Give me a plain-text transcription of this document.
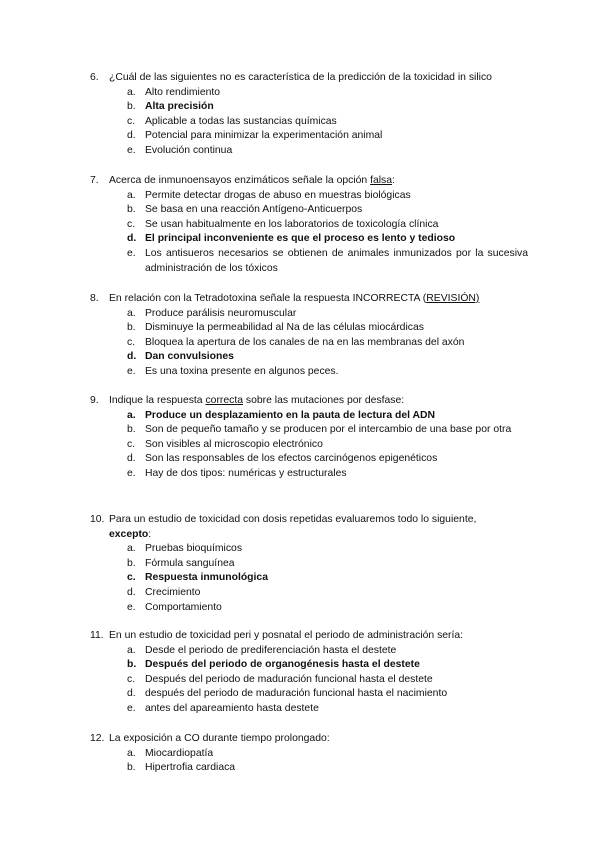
6. ¿Cuál de las siguientes no es característica de la predicción de la toxicidad in silico
a. Alto rendimiento
b. Alta precisión
c. Aplicable a todas las sustancias químicas
d. Potencial para minimizar la experimentación animal
e. Evolución continua
7. Acerca de inmunoensayos enzimáticos señale la opción falsa:
a. Permite detectar drogas de abuso en muestras biológicas
b. Se basa en una reacción Antígeno-Anticuerpos
c. Se usan habitualmente en los laboratorios de toxicología clínica
d. El principal inconveniente es que el proceso es lento y tedioso
e. Los antisueros necesarios se obtienen de animales inmunizados por la sucesiva administración de los tóxicos
8. En relación con la Tetradotoxina señale la respuesta INCORRECTA (REVISIÓN)
a. Produce parálisis neuromuscular
b. Disminuye la permeabilidad al Na de las células miocárdicas
c. Bloquea la apertura de los canales de na en las membranas del axón
d. Dan convulsiones
e. Es una toxina presente en algunos peces.
9. Indique la respuesta correcta sobre las mutaciones por desfase:
a. Produce un desplazamiento en la pauta de lectura del ADN
b. Son de pequeño tamaño y se producen por el intercambio de una base por otra
c. Son visibles al microscopio electrónico
d. Son las responsables de los efectos carcinógenos epigenéticos
e. Hay de dos tipos: numéricas y estructurales
10. Para un estudio de toxicidad con dosis repetidas evaluaremos todo lo siguiente,
excepto:
a. Pruebas bioquímicos
b. Fórmula sanguínea
c. Respuesta inmunológica
d. Crecimiento
e. Comportamiento
11. En un estudio de toxicidad peri y posnatal el periodo de administración sería:
a. Desde el periodo de prediferenciación hasta el destete
b. Después del periodo de organogénesis hasta el destete
c. Después del periodo de maduración funcional hasta el destete
d. después del periodo de maduración funcional hasta el nacimiento
e. antes del apareamiento hasta destete
12. La exposición a CO durante tiempo prolongado:
a. Miocardiopatía
b. Hipertrofia cardiaca
